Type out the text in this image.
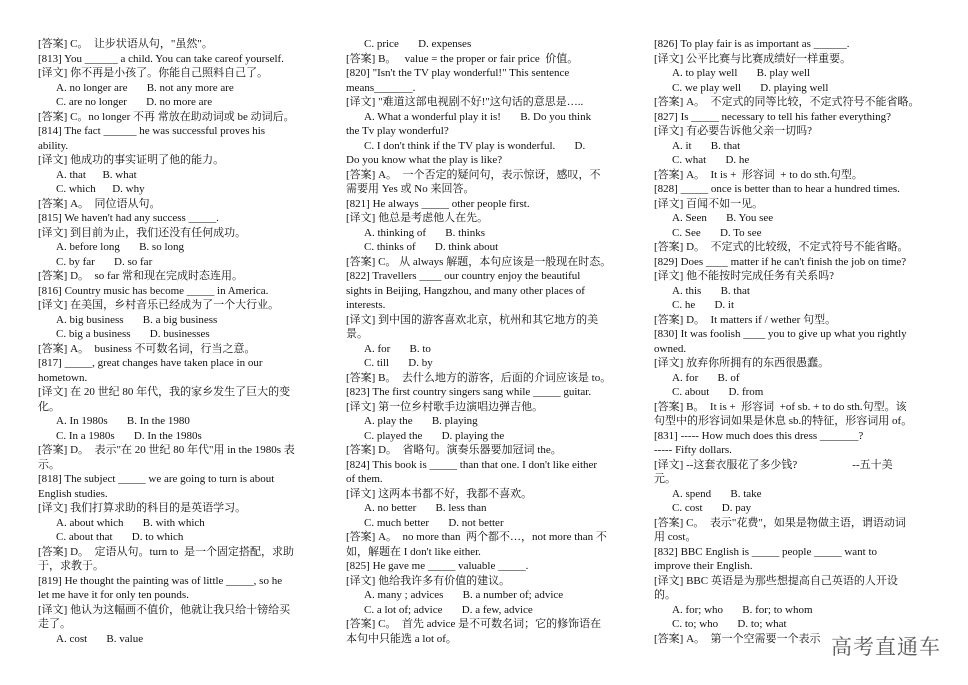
[答案] C。  让步状语从句，"虽然"。
[813] You ______ a child. You can take careof yourself.
[译文] 你不再是小孩了。你能自己照料自己了。
A. no longer are       B. not any more are
C. are no longer       D. no more are
[答案] C。no longer 不再 常放在助动词或 be 动词后。
[814] The fact ______ he was successful proves his
ability.
[译文] 他成功的事实证明了他的能力。
A. that      B. what
C. which      D. why
[答案] A。  同位语从句。
[815] We haven't had any success _____.
[译文] 到目前为止，我们还没有任何成功。
A. before long       B. so long
C. by far       D. so far
[答案] D。  so far 常和现在完成时态连用。
[816] Country music has become _____ in America.
[译文] 在美国，乡村音乐已经成为了一个大行业。
A. big business       B. a big business
C. big a business       D. businesses
[答案] A。  business 不可数名词，行当之意。
[817] _____, great changes have taken place in our
hometown.
[译文] 在 20 世纪 80 年代，我的家乡发生了巨大的变
化。
A. In 1980s       B. In the 1980
C. In a 1980s       D. In the 1980s
[答案] D。  表示"在 20 世纪 80 年代"用 in the 1980s 表
示。
[818] The subject _____ we are going to turn is about
English studies.
[译文] 我们打算求助的科目的是英语学习。
A. about which       B. with which
C. about that       D. to which
[答案] D。  定语从句。turn to  是一个固定搭配，求助
于，求教于。
[819] He thought the painting was of little _____, so he
let me have it for only ten pounds.
[译文] 他认为这幅画不值价，他就让我只给十镑给买
走了。
A. cost       B. value
C. price       D. expenses
[答案] B。   value = the proper or fair price  价值。
[820] "Isn't the TV play wonderful!" This sentence
means_______.
[译文] "难道这部电视剧不好!"这句话的意思是…..
A. What a wonderful play it is!       B. Do you think
the Tv play wonderful?
C. I don't think if the TV play is wonderful.       D.
Do you know what the play is like?
[答案] A。  一个否定的疑问句，表示惊讶，感叹，不
需要用 Yes 或 No 来回答。
[821] He always _____ other people first.
[译文] 他总是考虑他人在先。
A. thinking of       B. thinks
C. thinks of       D. think about
[答案] C。 从 always 解题，本句应该是一般现在时态。
[822] Travellers ____ our country enjoy the beautiful
sights in Beijing, Hangzhou, and many other places of
interests.
[译文] 到中国的游客喜欢北京，杭州和其它地方的美
景。
A. for       B. to
C. till       D. by
[答案] B。  去什么地方的游客，后面的介词应该是 to。
[823] The first country singers sang while _____ guitar.
[译文] 第一位乡村歌手边演唱边弹吉他。
A. play the       B. playing
C. played the       D. playing the
[答案] D。  省略句。演奏乐器要加冠词 the。
[824] This book is _____ than that one. I don't like either
of them.
[译文] 这两本书都不好，我都不喜欢。
A. no better       B. less than
C. much better       D. not better
[答案] A。  no more than  两个都不…，not more than 不
如，解题在 I don't like either.
[825] He gave me _____ valuable _____.
[译文] 他给我许多有价值的建议。
A. many ; advices       B. a number of; advice
C. a lot of; advice       D. a few, advice
[答案] C。  首先 advice 是不可数名词；它的修饰语在
本句中只能选 a lot of。
[826] To play fair is as important as ______.
[译文] 公平比赛与比赛成绩好一样重要。
A. to play well       B. play well
C. we play well       D. playing well
[答案] A。  不定式的同等比较，不定式符号不能省略。
[827] Is _____ necessary to tell his father everything?
[译文] 有必要告诉他父亲一切吗?
A. it       B. that
C. what       D. he
[答案] A。  It is +  形容词  + to do sth.句型。
[828] _____ once is better than to hear a hundred times.
[译文] 百闻不如一见。
A. Seen       B. You see
C. See       D. To see
[答案] D。  不定式的比较级，不定式符号不能省略。
[829] Does ____ matter if he can't finish the job on time?
[译文] 他不能按时完成任务有关系吗?
A. this       B. that
C. he       D. it
[答案] D。  It matters if / wether 句型。
[830] It was foolish ____ you to give up what you rightly
owned.
[译文] 放弃你所拥有的东西很愚蠢。
A. for       B. of
C. about       D. from
[答案] B。  It is +  形容词  +of sb. + to do sth.句型。该
句型中的形容词如果是休息 sb.的特征，形容词用 of。
[831] ----- How much does this dress _______?
----- Fifty dollars.
[译文] --这套衣服花了多少钱?                    --五十美
元。
A. spend       B. take
C. cost       D. pay
[答案] C。  表示"花费"，如果是物做主语，谓语动词
用 cost。
[832] BBC English is _____ people _____ want to
improve their English.
[译文] BBC 英语是为那些想提高自己英语的人开设
的。
A. for; who       B. for; to whom
C. to; who       D. to; what
[答案] A。  第一个空需要一个表示 高考直通车
